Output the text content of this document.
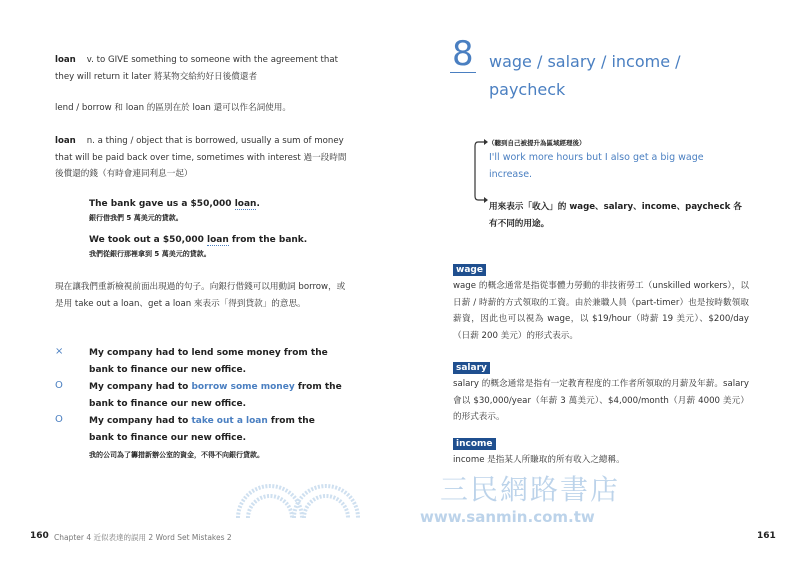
loan v. to GIVE something to someone with the agreement that they will return it later 將某物交給約好日後償還者
lend / borrow 和 loan 的區別在於 loan 還可以作名詞使用。
loan n. a thing / object that is borrowed, usually a sum of money that will be paid back over time, sometimes with interest 過一段時間後償還的錢（有時會連同利息一起）
The bank gave us a $50,000 loan.
銀行借我們 5 萬美元的貸款。
We took out a $50,000 loan from the bank.
我們從銀行那裡拿到 5 萬美元的貸款。
現在讓我們重新檢視前面出現過的句子。向銀行借錢可以用動詞 borrow，或是用 take out a loan、get a loan 來表示「得到貸款」的意思。
×	My company had to lend some money from the bank to finance our new office.
O	My company had to borrow some money from the bank to finance our new office.
O	My company had to take out a loan from the bank to finance our new office.
我的公司為了籌措新辦公室的資金，不得不向銀行貸款。
160 Chapter 4 近似表達的誤用 2 Word Set Mistakes 2
三民網路書店
www.sanmin.com.tw
8 wage / salary / income / paycheck
（聽到自己被提升為區域經理後）
I'll work more hours but I also get a big wage increase.
用來表示「收入」的 wage、salary、income、paycheck 各有不同的用途。
wage
wage 的概念通常是指從事體力勞動的非技術勞工（unskilled workers），以日薪 / 時薪的方式領取的工資。由於兼職人員（part-timer）也是按時數領取薪資，因此也可以視為 wage，以 $19/hour（時薪 19 美元）、$200/day（日薪 200 美元）的形式表示。
salary
salary 的概念通常是指有一定教育程度的工作者所領取的月薪及年薪。salary 會以 $30,000/year（年薪 3 萬美元）、$4,000/month（月薪 4000 美元）的形式表示。
income
income 是指某人所賺取的所有收入之總稱。
161
